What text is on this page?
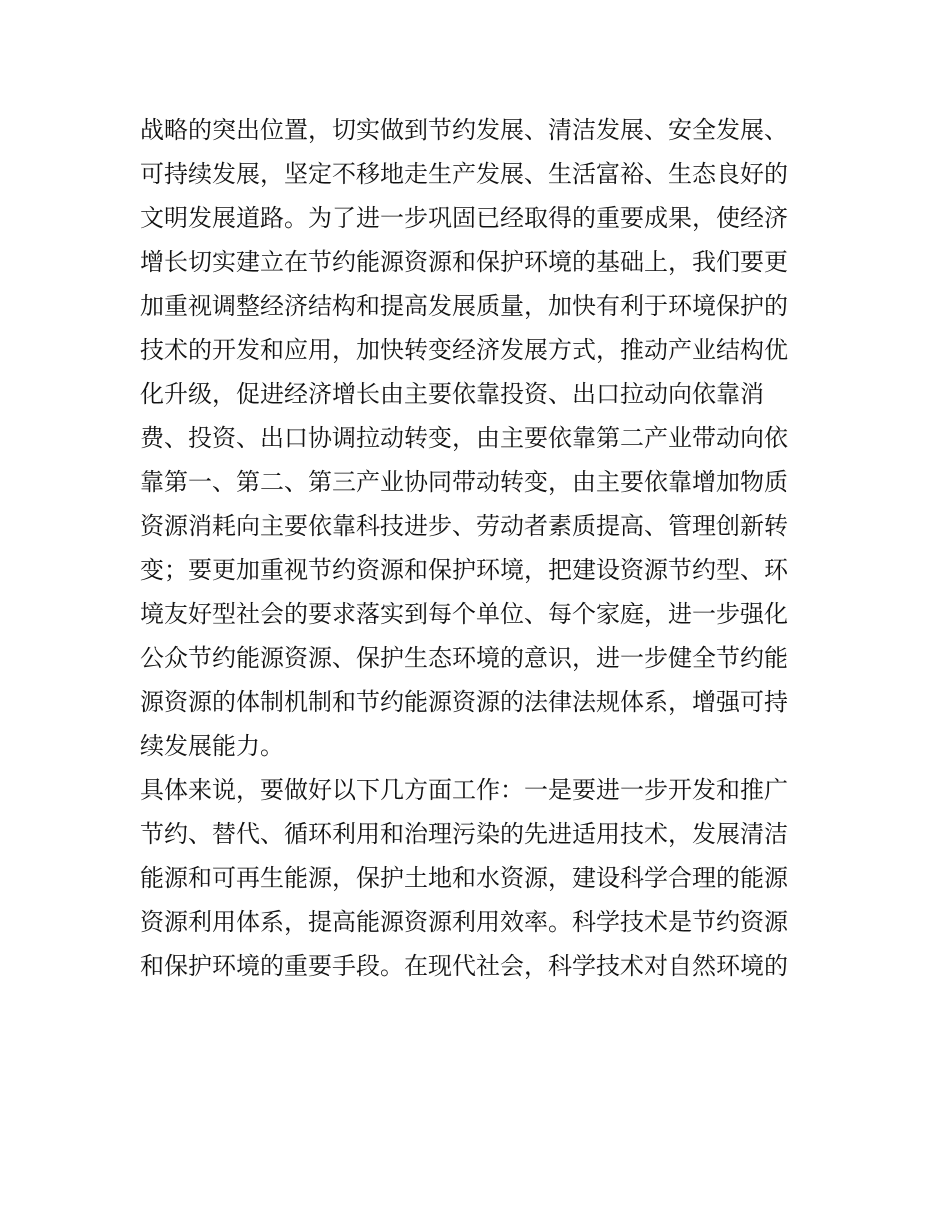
战略的突出位置，切实做到节约发展、清洁发展、安全发展、
可持续发展，坚定不移地走生产发展、生活富裕、生态良好的
文明发展道路。为了进一步巩固已经取得的重要成果，使经济
增长切实建立在节约能源资源和保护环境的基础上，我们要更
加重视调整经济结构和提高发展质量，加快有利于环境保护的
技术的开发和应用，加快转变经济发展方式，推动产业结构优
化升级，促进经济增长由主要依靠投资、出口拉动向依靠消
费、投资、出口协调拉动转变，由主要依靠第二产业带动向依
靠第一、第二、第三产业协同带动转变，由主要依靠增加物质
资源消耗向主要依靠科技进步、劳动者素质提高、管理创新转
变；要更加重视节约资源和保护环境，把建设资源节约型、环
境友好型社会的要求落实到每个单位、每个家庭，进一步强化
公众节约能源资源、保护生态环境的意识，进一步健全节约能
源资源的体制机制和节约能源资源的法律法规体系，增强可持
续发展能力。
具体来说，要做好以下几方面工作：一是要进一步开发和推广
节约、替代、循环利用和治理污染的先进适用技术，发展清洁
能源和可再生能源，保护土地和水资源，建设科学合理的能源
资源利用体系，提高能源资源利用效率。科学技术是节约资源
和保护环境的重要手段。在现代社会，科学技术对自然环境的
